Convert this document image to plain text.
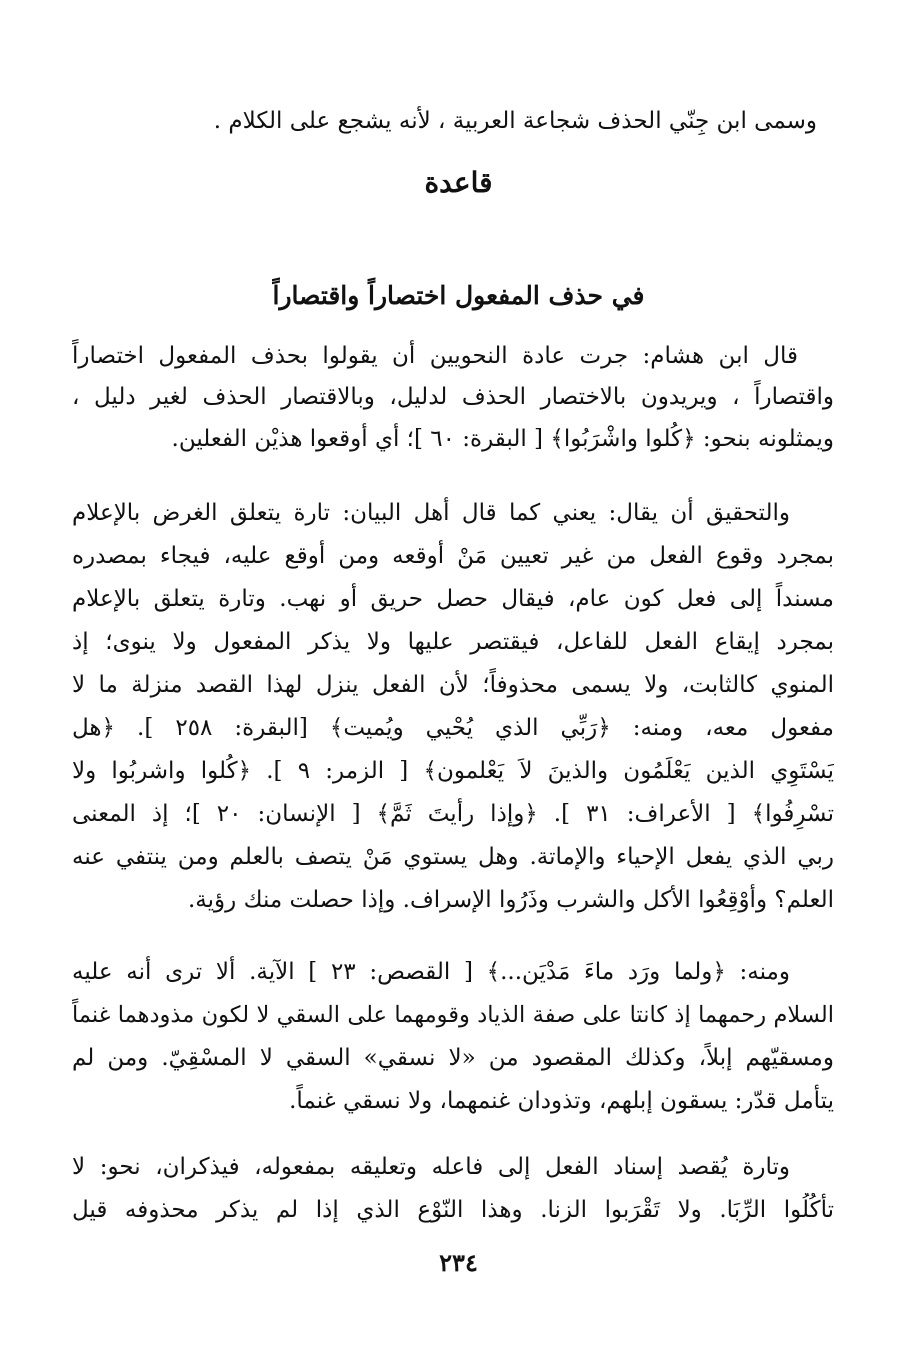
وسمى ابن جِنّي الحذف شجاعة العربية ، لأنه يشجع على الكلام .
قاعدة
في حذف المفعول اختصاراً واقتصاراً
قال ابن هشام: جرت عادة النحويين أن يقولوا بحذف المفعول اختصاراً
واقتصاراً ، ويريدون بالاختصار الحذف لدليل، وبالاقتصار الحذف لغير دليل ،
ويمثلونه بنحو: ﴿كُلوا واشْرَبُوا﴾ [ البقرة: ٦٠ ]؛ أي أوقعوا هذيْن الفعلين.
والتحقيق أن يقال: يعني كما قال أهل البيان: تارة يتعلق الغرض بالإعلام
بمجرد وقوع الفعل من غير تعيين مَنْ أوقعه ومن أوقع عليه، فيجاء بمصدره
مسنداً إلى فعل كون عام، فيقال حصل حريق أو نهب. وتارة يتعلق بالإعلام
بمجرد إيقاع الفعل للفاعل، فيقتصر عليها ولا يذكر المفعول ولا ينوى؛ إذ
المنوي كالثابت، ولا يسمى محذوفاً؛ لأن الفعل ينزل لهذا القصد منزلة ما لا
مفعول معه، ومنه: ﴿رَبِّي الذي يُحْيي ويُميت﴾ [البقرة: ٢٥٨ ]. ﴿هل
يَسْتَوِي الذين يَعْلَمُون والذينَ لاَ يَعْلمون﴾ [ الزمر: ٩ ]. ﴿كُلوا واشربُوا ولا
تسْرِفُوا﴾ [ الأعراف: ٣١ ]. ﴿وإذا رأيتَ ثَمَّ﴾ [ الإنسان: ٢٠ ]؛ إذ المعنى
ربي الذي يفعل الإحياء والإماتة. وهل يستوي مَنْ يتصف بالعلم ومن ينتفي عنه
العلم؟ وأوْقِعُوا الأكل والشرب وذَرُوا الإسراف. وإذا حصلت منك رؤية.
ومنه: ﴿ولما ورَد ماءَ مَدْيَن...﴾ [ القصص: ٢٣ ] الآية. ألا ترى أنه عليه
السلام رحمهما إذ كانتا على صفة الذياد وقومهما على السقي لا لكون مذودهما غنماً
ومسقيّهم إبلاً، وكذلك المقصود من «لا نسقي» السقي لا المسْقِيّ. ومن لم
يتأمل قدّر: يسقون إبلهم، وتذودان غنمهما، ولا نسقي غنماً.
وتارة يُقصد إسناد الفعل إلى فاعله وتعليقه بمفعوله، فيذكران، نحو: لا
تأكُلُوا الرِّبَا. ولا تَقْرَبوا الزنا. وهذا النّوْع الذي إذا لم يذكر محذوفه قيل
٢٣٤
